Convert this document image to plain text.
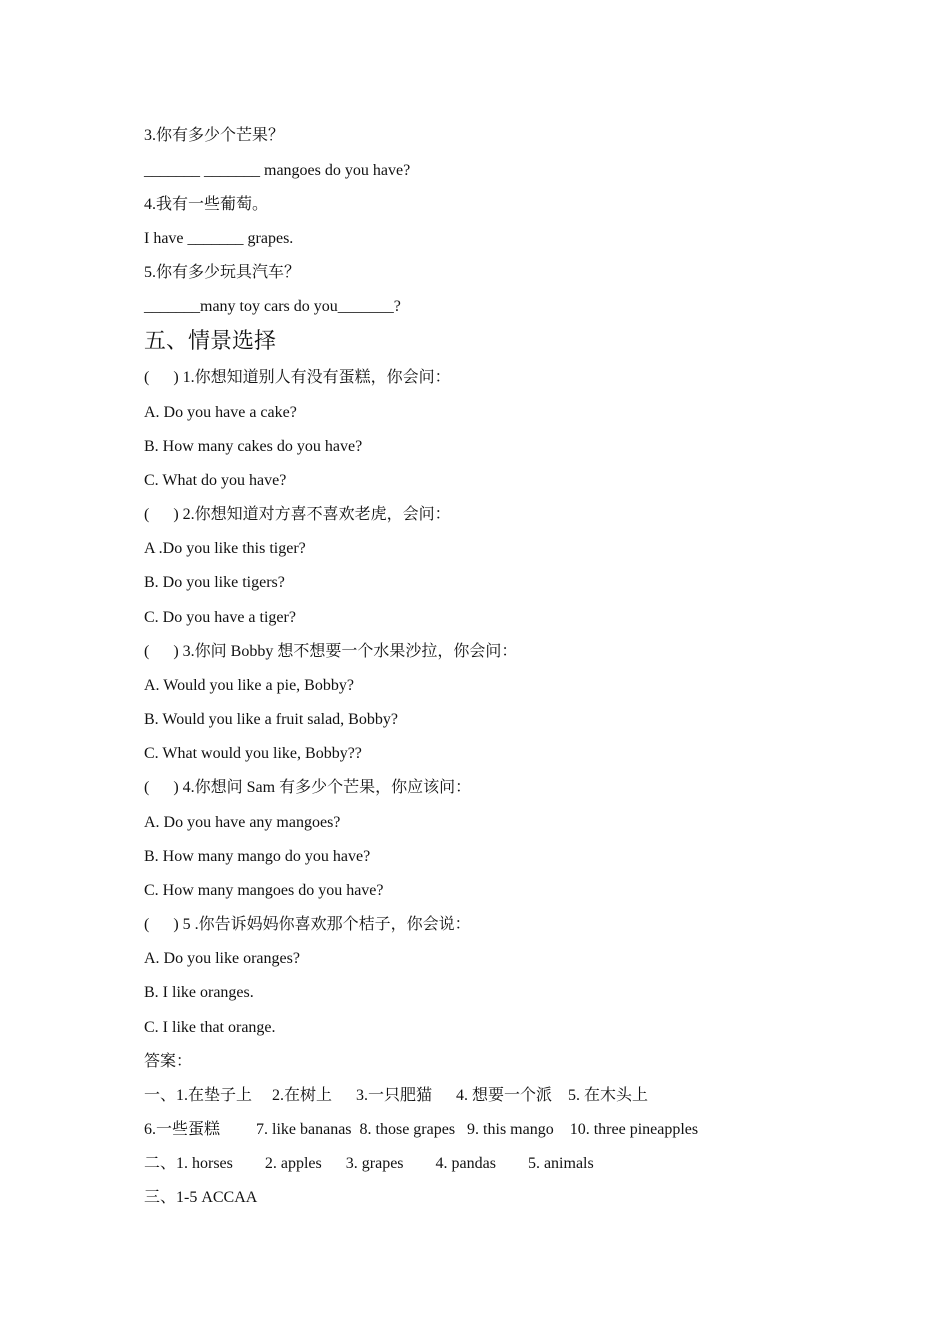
3.你有多少个芒果？
_______ _______ mangoes do you have?
4.我有一些葡萄。
I have _______ grapes.
5.你有多少玩具汽车？
_______many toy cars do you_______?
五、情景选择
(      ) 1.你想知道别人有没有蛋糕，你会问：
A. Do you have a cake?
B. How many cakes do you have?
C. What do you have?
(      ) 2.你想知道对方喜不喜欢老虎，会问：
A .Do you like this tiger?
B. Do you like tigers?
C. Do you have a tiger?
(      ) 3.你问 Bobby 想不想要一个水果沙拉，你会问：
A. Would you like a pie, Bobby?
B. Would you like a fruit salad, Bobby?
C. What would you like, Bobby??
(      ) 4.你想问 Sam 有多少个芒果，你应该问：
A. Do you have any mangoes?
B. How many mango do you have?
C. How many mangoes do you have?
(      ) 5 .你告诉妈妈你喜欢那个桔子，你会说：
A. Do you like oranges?
B. I like oranges.
C. I like that orange.
答案：
一、1.在垫子上     2.在树上      3.一只肥猫      4. 想要一个派    5. 在木头上
6.一些蛋糕         7. like bananas  8. those grapes   9. this mango    10. three pineapples
二、1. horses        2. apples      3. grapes        4. pandas        5. animals
三、1-5 ACCAA
